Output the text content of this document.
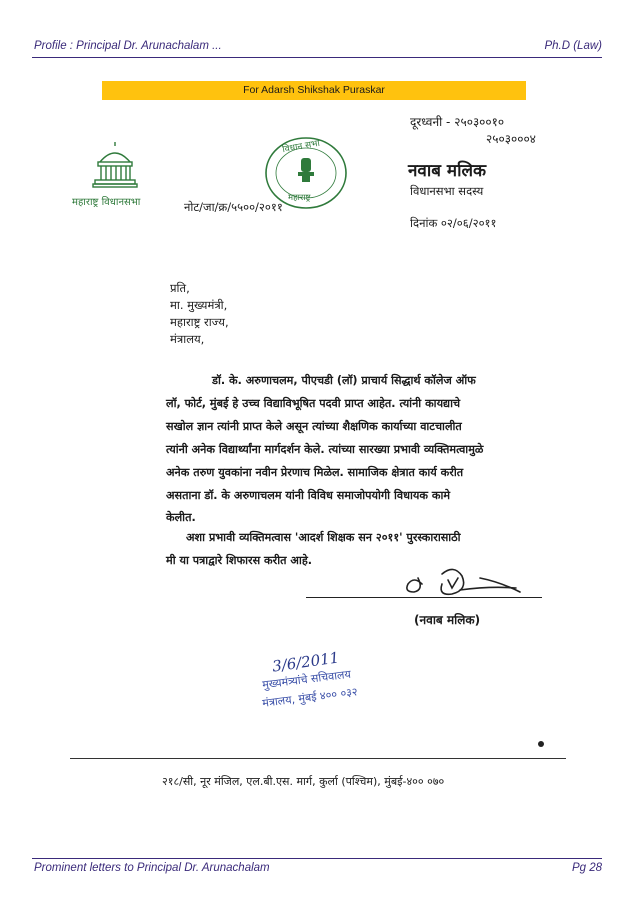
Profile : Principal Dr. Arunachalam ...	Ph.D (Law)
For Adarsh Shikshak Puraskar
महाराष्ट्र विधानसभा
विधान सभा
महाराष्ट्र
दूरध्वनी - २५०३००१०
२५०३०००४
नवाब मलिक
विधानसभा सदस्य
नोट/जा/क्र/५५००/२०११
दिनांक ०२/०६/२०११
प्रति,
मा. मुख्यमंत्री,
महाराष्ट्र राज्य,
मंत्रालय,
डॉ. के. अरुणाचलम, पीएचडी (लॉ) प्राचार्य सिद्धार्थ कॉलेज ऑफ
लॉ, फोर्ट, मुंबई हे उच्च विद्याविभूषित पदवी प्राप्त आहेत. त्यांनी कायद्याचे
सखोल ज्ञान त्यांनी प्राप्त केले असून त्यांच्या शैक्षणिक कार्याच्या वाटचालीत
त्यांनी अनेक विद्यार्थ्यांना मार्गदर्शन केले. त्यांच्या सारख्या प्रभावी व्यक्तिमत्वामुळे
अनेक तरुण युवकांना नवीन प्रेरणाच मिळेल. सामाजिक क्षेत्रात कार्य करीत
असताना डॉ. के अरुणाचलम यांनी विविध समाजोपयोगी विधायक कामे
केलीत.
अशा प्रभावी व्यक्तिमत्वास 'आदर्श शिक्षक सन २०११' पुरस्कारासाठी
मी या पत्राद्वारे शिफारस करीत आहे.
(नवाब मलिक)
3/6/2011
मुख्यमंत्र्यांचे सचिवालय
मंत्रालय, मुंबई ४०० ०३२
२१८/सी, नूर मंजिल, एल.बी.एस. मार्ग, कुर्ला (पश्चिम), मुंबई-४०० ०७०
Prominent letters to Principal Dr. Arunachalam	Pg 28
